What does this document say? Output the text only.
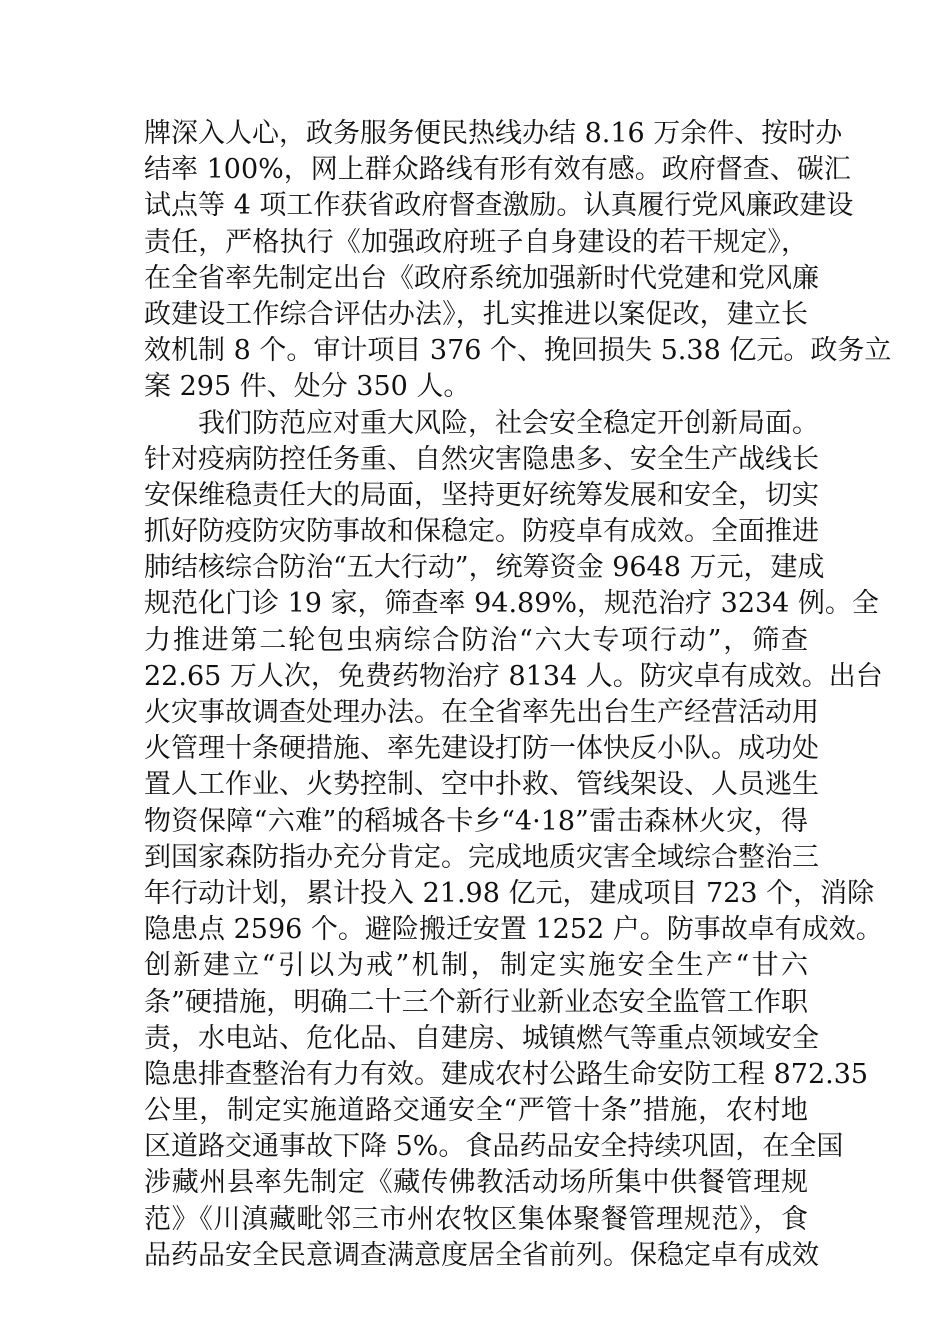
牌深入人心，政务服务便民热线办结 8.16 万余件、按时办
结率 100%，网上群众路线有形有效有感。政府督查、碳汇
试点等 4 项工作获省政府督查激励。认真履行党风廉政建设
责任，严格执行《加强政府班子自身建设的若干规定》，
在全省率先制定出台《政府系统加强新时代党建和党风廉
政建设工作综合评估办法》，扎实推进以案促改，建立长
效机制 8 个。审计项目 376 个、挽回损失 5.38 亿元。政务立
案 295 件、处分 350 人。
　　我们防范应对重大风险，社会安全稳定开创新局面。
针对疫病防控任务重、自然灾害隐患多、安全生产战线长
安保维稳责任大的局面，坚持更好统筹发展和安全，切实
抓好防疫防灾防事故和保稳定。防疫卓有成效。全面推进
肺结核综合防治“五大行动”，统筹资金 9648 万元，建成
规范化门诊 19 家，筛查率 94.89%，规范治疗 3234 例。全
力推进第二轮包虫病综合防治“六大专项行动”，筛查
22.65 万人次，免费药物治疗 8134 人。防灾卓有成效。出台
火灾事故调查处理办法。在全省率先出台生产经营活动用
火管理十条硬措施、率先建设打防一体快反小队。成功处
置人工作业、火势控制、空中扑救、管线架设、人员逃生
物资保障“六难”的稻城各卡乡“4·18”雷击森林火灾，得
到国家森防指办充分肯定。完成地质灾害全域综合整治三
年行动计划，累计投入 21.98 亿元，建成项目 723 个，消除
隐患点 2596 个。避险搬迁安置 1252 户。防事故卓有成效。
创新建立“引以为戒”机制，制定实施安全生产“甘六
条”硬措施，明确二十三个新行业新业态安全监管工作职
责，水电站、危化品、自建房、城镇燃气等重点领域安全
隐患排查整治有力有效。建成农村公路生命安防工程 872.35
公里，制定实施道路交通安全“严管十条”措施，农村地
区道路交通事故下降 5%。食品药品安全持续巩固，在全国
涉藏州县率先制定《藏传佛教活动场所集中供餐管理规
范》《川滇藏毗邻三市州农牧区集体聚餐管理规范》，食
品药品安全民意调查满意度居全省前列。保稳定卓有成效
